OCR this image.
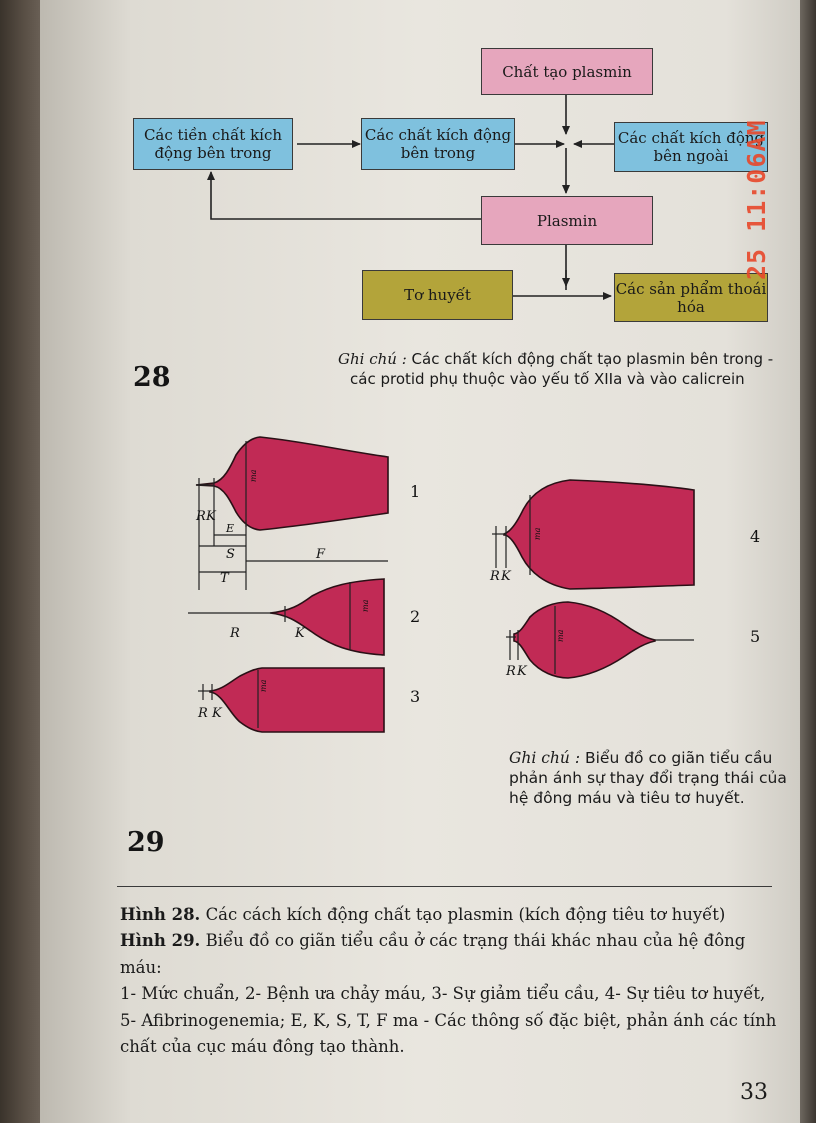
Chất tạo plasmin
Các tiền chất kích động bên trong
Các chất kích động bên trong
Các chất kích động bên ngoài
Plasmin
Tơ huyết	Các sản phẩm thoái hóa
25 11:06AM
28
Ghi chú : Các chất kích động chất tạo plasmin bên trong -
các protid phụ thuộc vào yếu tố XIIa và vào calicrein
R K
E
S	F
T
R	K
R K
R K
R K
ma
ma
ma
ma
ma
1
2
3
4
5
Ghi chú : Biểu đồ co giãn tiểu cầu
phản ánh sự thay đổi trạng thái của
hệ đông máu và tiêu tơ huyết.
29
Hình 28. Các cách kích động chất tạo plasmin (kích động tiêu tơ huyết)
Hình 29. Biểu đồ co giãn tiểu cầu ở các trạng thái khác nhau của hệ đông máu:
1- Mức chuẩn, 2- Bệnh ưa chảy máu, 3- Sự giảm tiểu cầu, 4- Sự tiêu tơ huyết,
5- Afibrinogenemia; E, K, S, T, F ma - Các thông số đặc biệt, phản ánh các tính
chất của cục máu đông tạo thành.
33
